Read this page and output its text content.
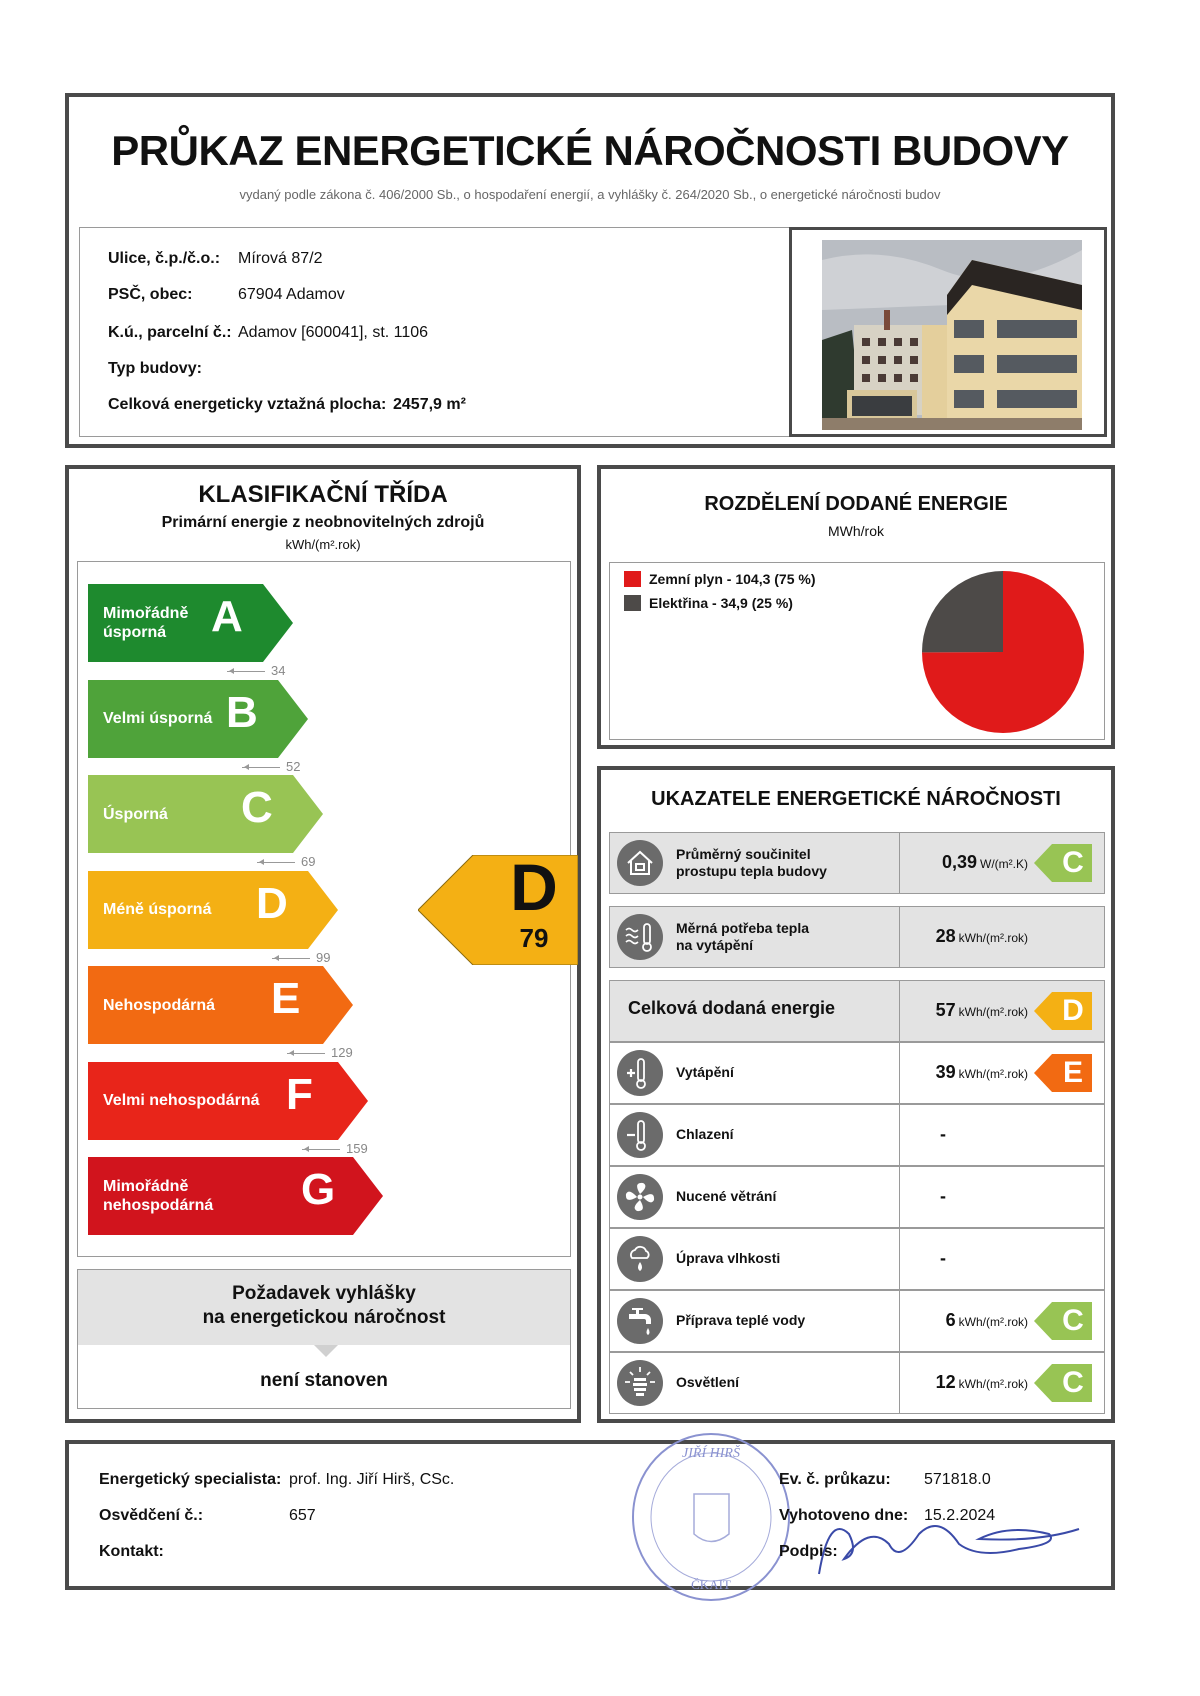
PRŮKAZ ENERGETICKÉ NÁROČNOSTI BUDOVY
vydaný podle zákona č. 406/2000 Sb., o hospodaření energií, a vyhlášky č. 264/2020 Sb., o energetické náročnosti budov
Ulice, č.p./č.o.: Mírová 87/2
PSČ, obec:	67904 Adamov
K.ú., parcelní č.: Adamov [600041], st. 1106
Typ budovy:
Celková energeticky vztažná plocha: 2457,9 m²
KLASIFIKAČNÍ TŘÍDA
Primární energie z neobnovitelných zdrojů
kWh/(m².rok)
Mimořádně úsporná	A
Velmi úsporná B
Úsporná	C
Méně úsporná	D
Nehospodárná	E
Velmi nehospodárná F
Mimořádně nehospodárná	G
34
52
69
99
129
159
D
79
Požadavek vyhlášky
na energetickou náročnost
není stanoven
ROZDĚLENÍ DODANÉ ENERGIE
MWh/rok
Zemní plyn - 104,3 (75 %)
Elektřina - 34,9 (25 %)
UKAZATELE ENERGETICKÉ NÁROČNOSTI
Průměrný součinitel
prostupu tepla budovy	0,39 W/(m².K) C
Měrná potřeba tepla
na vytápění	28 kWh/(m².rok)
Celková dodaná energie	57 kWh/(m².rok) D
Vytápění	39 kWh/(m².rok) E
Chlazení	-
Nucené větrání	-
Úprava vlhkosti	-
Příprava teplé vody	6 kWh/(m².rok) C
Osvětlení	12 kWh/(m².rok) C
Energetický specialista: prof. Ing. Jiří Hirš, CSc.
Osvědčení č.:	657
Kontakt:
JIŘÍ HIRŠ
ČKAIT
Ev. č. průkazu: 571818.0
Vyhotoveno dne: 15.2.2024
Podpis:
